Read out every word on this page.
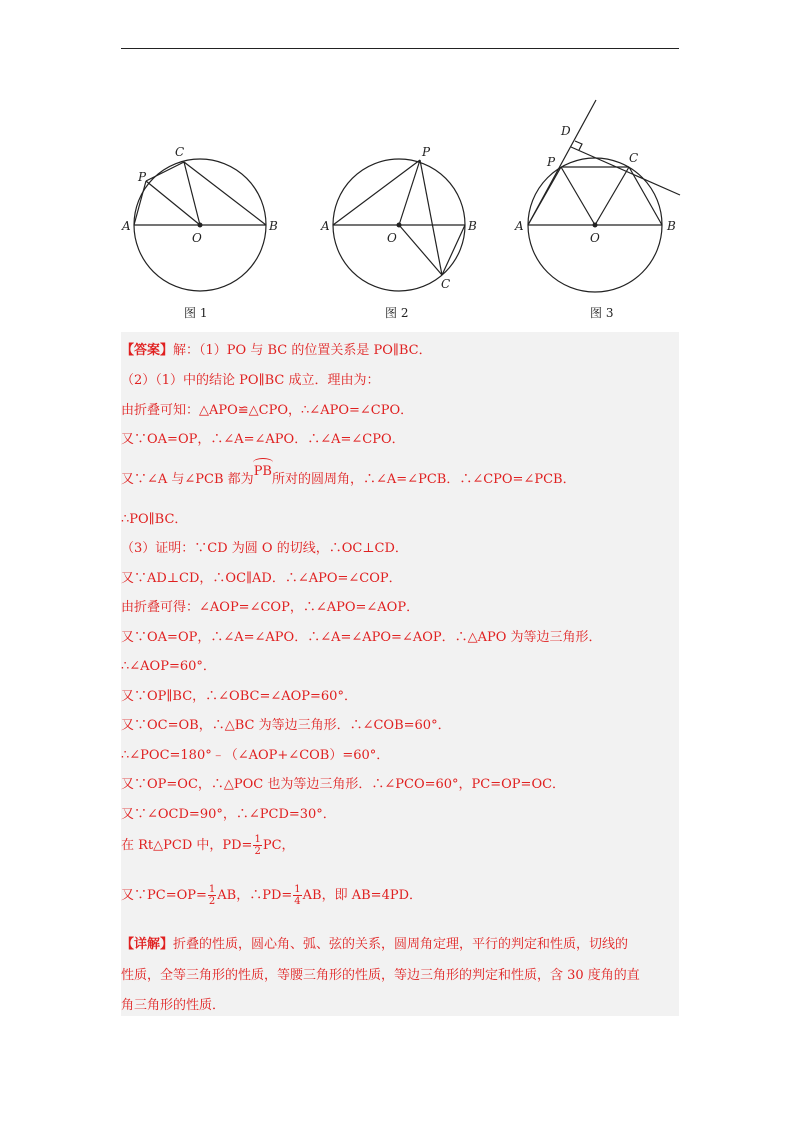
A	B
C
P
O
图 1
A	B
C
P
O
图 2
A	B
C
P
O
D
图 3
【答案】解：（1）PO 与 BC 的位置关系是 PO∥BC．
（2）（1）中的结论 PO∥BC 成立．理由为：
由折叠可知：△APO≌△CPO，∴∠APO=∠CPO．
又∵OA=OP，∴∠A=∠APO．∴∠A=∠CPO．
又∵∠A 与∠PCB 都为PB所对的圆周角，∴∠A=∠PCB．∴∠CPO=∠PCB．
∴PO∥BC．
（3）证明：∵CD 为圆 O 的切线，∴OC⊥CD．
又∵AD⊥CD，∴OC∥AD．∴∠APO=∠COP．
由折叠可得：∠AOP=∠COP，∴∠APO=∠AOP．
又∵OA=OP，∴∠A=∠APO．∴∠A=∠APO=∠AOP．∴△APO 为等边三角形．
∴∠AOP=60°．
又∵OP∥BC，∴∠OBC=∠AOP=60°．
又∵OC=OB，∴△BC 为等边三角形．∴∠COB=60°．
∴∠POC=180°﹣（∠AOP+∠COB）=60°．
又∵OP=OC，∴△POC 也为等边三角形．∴∠PCO=60°，PC=OP=OC．
又∵∠OCD=90°，∴∠PCD=30°．
在 Rt△PCD 中，$PD= \frac{1}{2}$ PC，
又∵PC=OP= $\frac{1}{2}$ AB，∴PD= $\frac{1}{4}$ AB，即 AB=4PD．
【详解】折叠的性质，圆心角、弧、弦的关系，圆周角定理，平行的判定和性质，切线的
性质，全等三角形的性质，等腰三角形的性质，等边三角形的判定和性质，含 30 度角的直
角三角形的性质．
